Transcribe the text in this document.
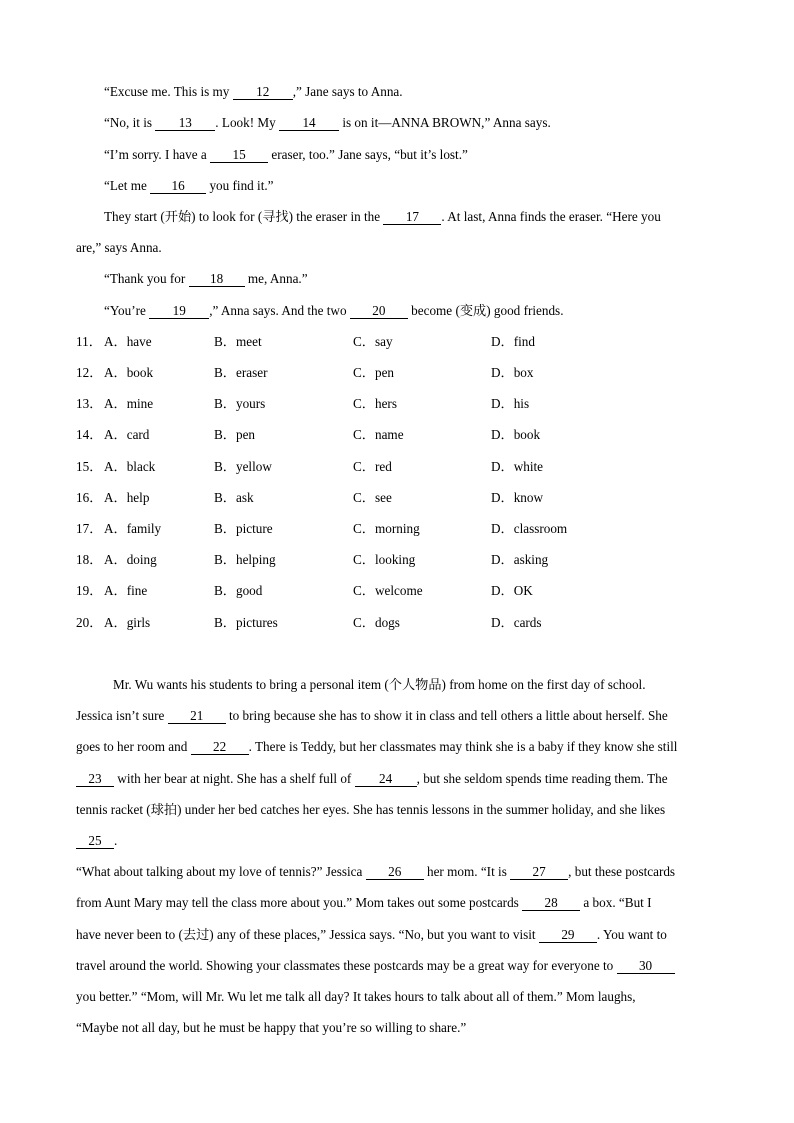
“Excuse me. This is my 12 ,” Jane says to Anna.
“No, it is 13 . Look! My 14 is on it—ANNA BROWN,” Anna says.
“I’m sorry. I have a 15 eraser, too.” Jane says, “but it’s lost.”
“Let me 16 you find it.”
They start (开始) to look for (寻找) the eraser in the 17 . At last, Anna finds the eraser. “Here you
are,” says Anna.
“Thank you for 18 me, Anna.”
“You’re 19 ,” Anna says. And the two 20 become (变成) good friends.
11． A．have	B．meet	C．say	D．find
12． A．book	B．eraser	C．pen	D．box
13． A．mine	B．yours	C．hers	D．his
14． A．card	B．pen	C．name	D．book
15． A．black	B．yellow	C．red	D．white
16． A．help	B．ask	C．see	D．know
17． A．family	B．picture	C．morning	D．classroom
18． A．doing	B．helping	C．looking	D．asking
19． A．fine	B．good	C．welcome	D．OK
20． A．girls	B．pictures	C．dogs	D．cards
Mr. Wu wants his students to bring a personal item (个人物品) from home on the first day of school.
Jessica isn’t sure 21 to bring because she has to show it in class and tell others a little about herself. She
goes to her room and 22 . There is Teddy, but her classmates may think she is a baby if they know she still
23 with her bear at night. She has a shelf full of 24 , but she seldom spends time reading them. The
tennis racket (球拍) under her bed catches her eyes. She has tennis lessons in the summer holiday, and she likes
25 .
“What about talking about my love of tennis?” Jessica 26 her mom. “It is 27 , but these postcards
from Aunt Mary may tell the class more about you.” Mom takes out some postcards 28 a box. “But I
have never been to (去过) any of these places,” Jessica says. “No, but you want to visit 29 . You want to
travel around the world. Showing your classmates these postcards may be a great way for everyone to 30
you better.” “Mom, will Mr. Wu let me talk all day? It takes hours to talk about all of them.” Mom laughs,
“Maybe not all day, but he must be happy that you’re so willing to share.”
